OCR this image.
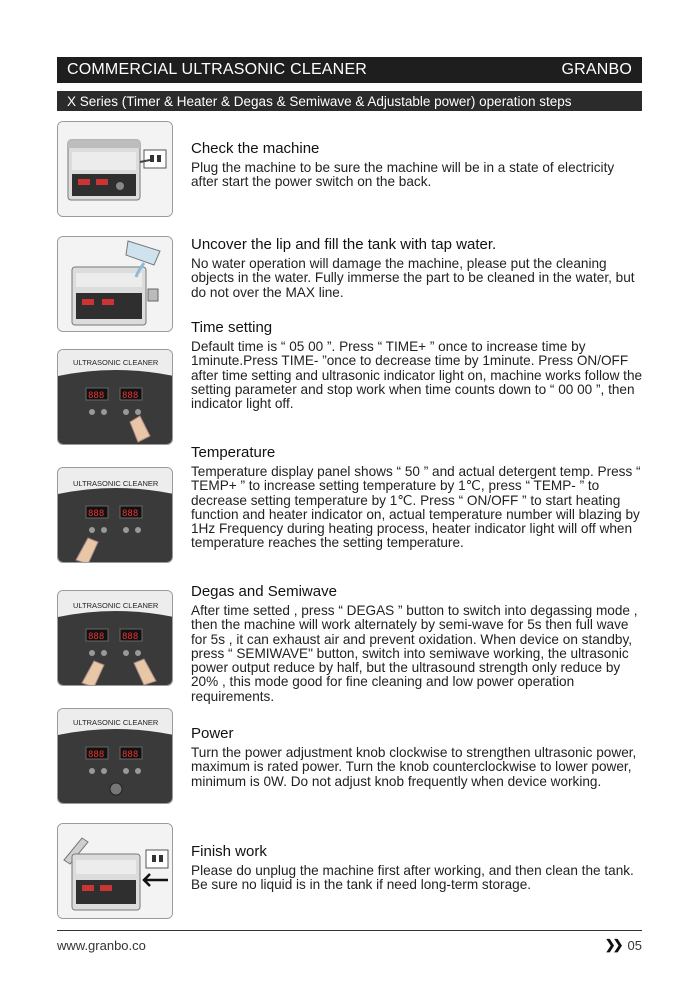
COMMERCIAL ULTRASONIC CLEANER	GRANBO
X Series (Timer & Heater & Degas & Semiwave & Adjustable power) operation steps

Check the machine

Plug the machine to be sure the machine will be in a state of electricity after start the power switch on the back.

Uncover the lip and fill the tank with tap water.

No water operation will damage the machine, please put the cleaning objects in the water. Fully immerse the part to be cleaned in the water, but do not over the MAX line.

888 888
ULTRASONIC CLEANER

Time setting

Default time is “ 05 00 ”. Press “ TIME+ ” once to increase time by 1minute.Press TIME- ”once to decrease time by 1minute. Press ON/OFF after time setting and ultrasonic indicator light on, machine works follow the setting parameter and stop work when time counts down to “ 00 00 ”, then indicator light off.

888 888
ULTRASONIC CLEANER

Temperature

Temperature display panel shows “ 50 ” and actual detergent temp. Press “ TEMP+ ” to increase setting temperature by 1℃, press “ TEMP- ” to decrease setting temperature by 1℃. Press “ ON/OFF ” to start heating function and heater indicator on, actual temperature number will blazing by 1Hz Frequency during heating process, heater indicator light will off when temperature reaches the setting temperature.

888 888
ULTRASONIC CLEANER

Degas and Semiwave

After time setted , press “ DEGAS ” button to switch into degassing mode , then the machine will work alternately by semi-wave for 5s then full wave for 5s , it can exhaust air and prevent oxidation. When device on standby, press “ SEMIWAVE" button, switch into semiwave working, the ultrasonic power output reduce by half, but the ultrasound strength only reduce by 20% , this mode good for fine cleaning and low power operation requirements.

888 888
ULTRASONIC CLEANER

Power

Turn the power adjustment knob clockwise to strengthen ultrasonic power, maximum is rated power. Turn the knob counterclockwise to lower power, minimum is 0W. Do not adjust knob frequently when device working.

Finish work

Please do unplug the machine first after working, and then clean the tank. Be sure no liquid is in the tank if need long-term storage.

www.granbo.co	❯❯ 05
